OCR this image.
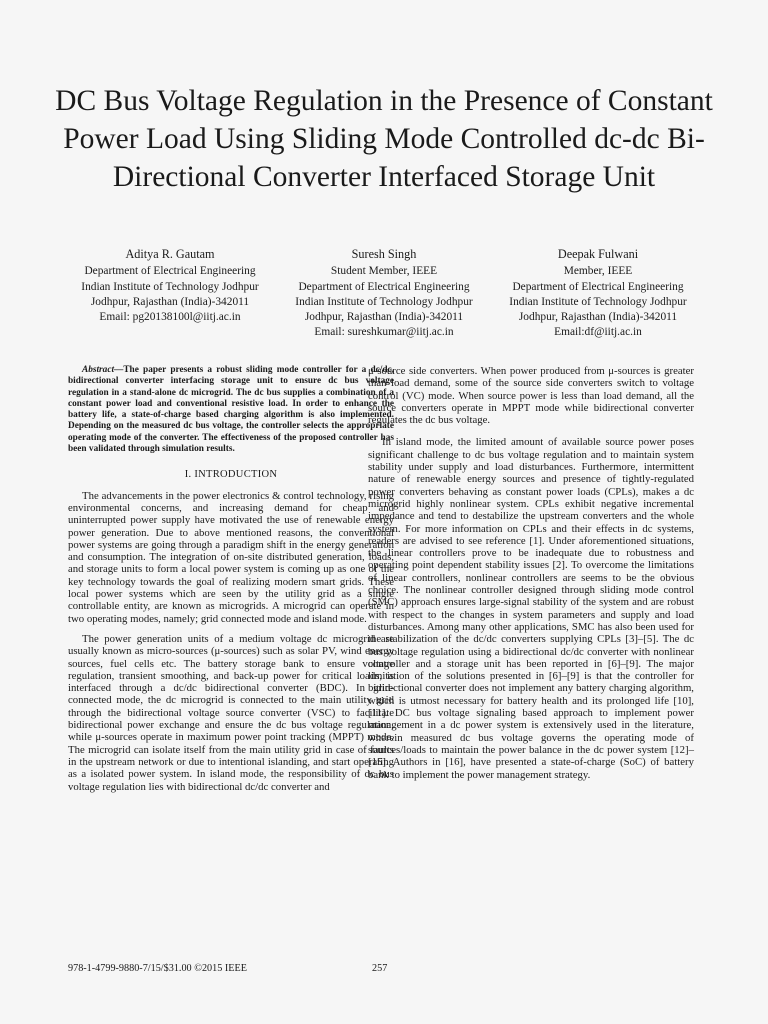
DC Bus Voltage Regulation in the Presence of Constant Power Load Using Sliding Mode Controlled dc-dc Bi-Directional Converter Interfaced Storage Unit
Aditya R. Gautam
Department of Electrical Engineering
Indian Institute of Technology Jodhpur
Jodhpur, Rajasthan (India)-342011
Email: pg20138100l@iitj.ac.in
Suresh Singh
Student Member, IEEE
Department of Electrical Engineering
Indian Institute of Technology Jodhpur
Jodhpur, Rajasthan (India)-342011
Email: sureshkumar@iitj.ac.in
Deepak Fulwani
Member, IEEE
Department of Electrical Engineering
Indian Institute of Technology Jodhpur
Jodhpur, Rajasthan (India)-342011
Email:df@iitj.ac.in

Abstract—The paper presents a robust sliding mode controller for a dc/dc, bidirectional converter interfacing storage unit to ensure dc bus voltage regulation in a stand-alone dc microgrid. The dc bus supplies a combination of a constant power load and conventional resistive load. In order to enhance the battery life, a state-of-charge based charging algorithm is also implemented. Depending on the measured dc bus voltage, the controller selects the appropriate operating mode of the converter. The effectiveness of the proposed controller has been validated through simulation results.

I. INTRODUCTION

The advancements in the power electronics & control technology, rising environmental concerns, and increasing demand for cheap and uninterrupted power supply have motivated the use of renewable energy power generation. Due to above mentioned reasons, the conventional power systems are going through a paradigm shift in the energy generation and consumption. The integration of on-site distributed generation, loads, and storage units to form a local power system is coming up as one of the key technology towards the goal of realizing modern smart grids. These local power systems which are seen by the utility grid as a single controllable entity, are known as microgrids. A microgrid can operate in two operating modes, namely; grid connected mode and island mode.

The power generation units of a medium voltage dc microgrid are usually known as micro-sources (μ-sources) such as solar PV, wind energy sources, fuel cells etc. The battery storage bank to ensure voltage regulation, transient smoothing, and back-up power for critical loads, is interfaced through a dc/dc bidirectional converter (BDC). In grid-connected mode, the dc microgrid is connected to the main utility grid through the bidirectional voltage source converter (VSC) to facilitate bidirectional power exchange and ensure the dc bus voltage regulation, while μ-sources operate in maximum power point tracking (MPPT) mode. The microgrid can isolate itself from the main utility grid in case of faults in the upstream network or due to intentional islanding, and start operating as a isolated power system. In island mode, the responsibility of dc bus voltage regulation lies with bidirectional dc/dc converter and

μ-source side converters. When power produced from μ-sources is greater than load demand, some of the source side converters switch to voltage control (VC) mode. When source power is less than load demand, all the source converters operate in MPPT mode while bidirectional converter regulates the dc bus voltage.

In island mode, the limited amount of available source power poses significant challenge to dc bus voltage regulation and to maintain system stability under supply and load disturbances. Furthermore, intermittent nature of renewable energy sources and presence of tightly-regulated power converters behaving as constant power loads (CPLs), makes a dc microgrid highly nonlinear system. CPLs exhibit negative incremental impedance and tend to destabilize the upstream converters and the whole system. For more information on CPLs and their effects in dc systems, readers are advised to see reference [1]. Under aforementioned situations, the linear controllers prove to be inadequate due to robustness and operating point dependent stability issues [2]. To overcome the limitations of linear controllers, nonlinear controllers are seems to be the obvious choice. The nonlinear controller designed through sliding mode control (SMC) approach ensures large-signal stability of the system and are robust with respect to the changes in system parameters and supply and load disturbances. Among many other applications, SMC has also been used for the stabilization of the dc/dc converters supplying CPLs [3]–[5]. The dc bus voltage regulation using a bidirectional dc/dc converter with nonlinear controller and a storage unit has been reported in [6]–[9]. The major limitation of the solutions presented in [6]–[9] is that the controller for bidirectional converter does not implement any battery charging algorithm, which is utmost necessary for battery health and its prolonged life [10], [11]. DC bus voltage signaling based approach to implement power management in a dc power system is extensively used in the literature, wherein measured dc bus voltage governs the operating mode of sources/loads to maintain the power balance in the dc power system [12]–[15]. Authors in [16], have presented a state-of-charge (SoC) of battery bank to implement the power management strategy.

978-1-4799-9880-7/15/$31.00 ©2015 IEEE	257
